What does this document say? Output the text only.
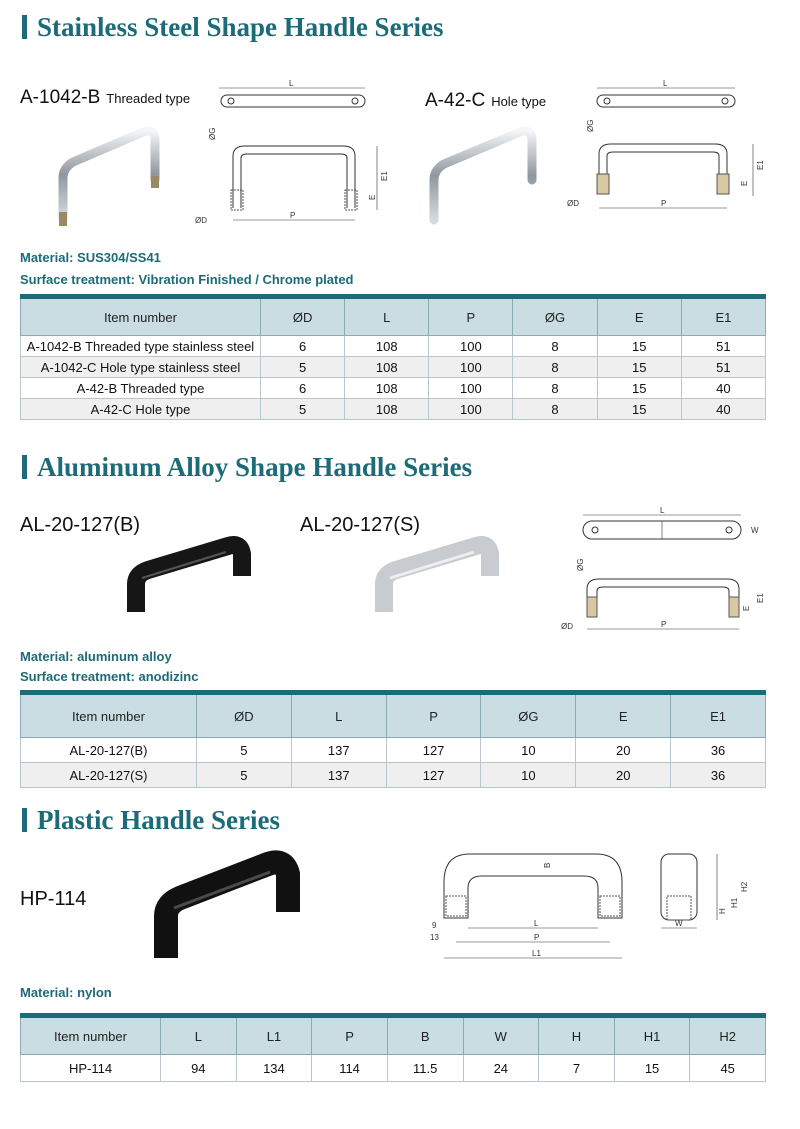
Stainless Steel Shape Handle Series
A-1042-B Threaded type	A-42-C Hole type
L
ØG
E1
E
ØD
P
L
ØG
E1
E
ØD	P
Material: SUS304/SS41
Surface treatment: Vibration Finished / Chrome plated
Item number	ØD	L	P	ØG	E	E1
A-1042-B Threaded type stainless steel	6	108	100	8	15	51
A-1042-C Hole type stainless steel	5	108	100	8	15	51
A-42-B Threaded type	6	108	100	8	15	40
A-42-C Hole type	5	108	100	8	15	40
Aluminum Alloy Shape Handle Series
AL-20-127(B)	AL-20-127(S)
L
W
ØG
E1
E
ØD	P
Material: aluminum alloy
Surface treatment: anodizinc
Item number	ØD	L	P	ØG	E	E1
AL-20-127(B)	5	137	127	10	20	36
AL-20-127(S)	5	137	127	10	20	36
Plastic Handle Series
HP-114
B
9
13
L
P
L1
H2
H1
H
W
Material: nylon
Item number	L	L1	P	B	W	H	H1	H2
HP-114	94	134	114	11.5	24	7	15	45
